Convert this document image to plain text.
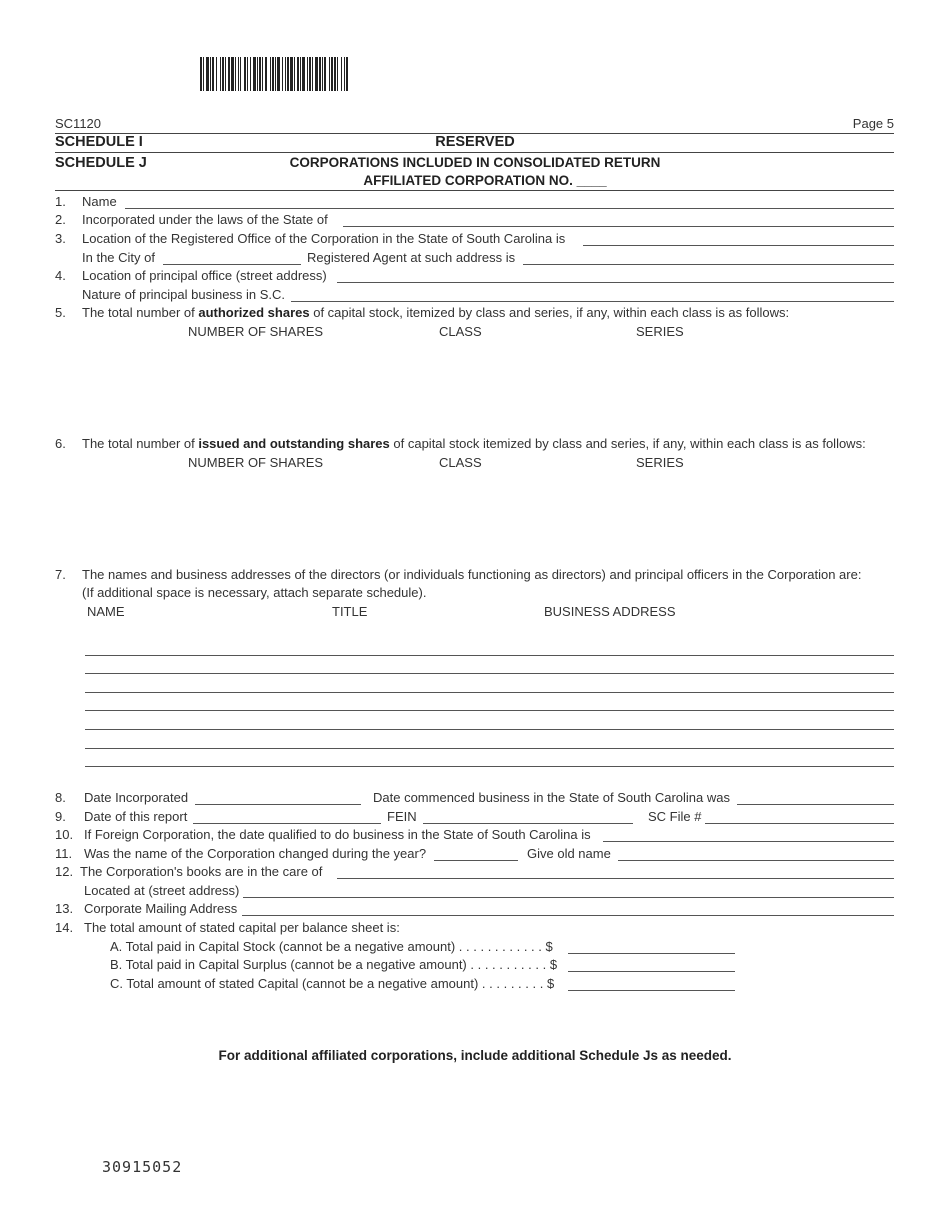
SC1120	Page 5
SCHEDULE I	RESERVED
SCHEDULE J	CORPORATIONS INCLUDED IN CONSOLIDATED RETURN
AFFILIATED CORPORATION NO. ____
1.	Name
2.	Incorporated under the laws of the State of
3.	Location of the Registered Office of the Corporation in the State of South Carolina is
In the City of	Registered Agent at such address is
4.	Location of principal office (street address)
Nature of principal business in S.C.
5.	The total number of authorized shares of capital stock, itemized by class and series, if any, within each class is as follows:
NUMBER OF SHARES	CLASS	SERIES
6.	The total number of issued and outstanding shares of capital stock itemized by class and series, if any, within each class is as follows:
NUMBER OF SHARES	CLASS	SERIES
7.	The names and business addresses of the directors (or individuals functioning as directors) and principal officers in the Corporation are:
(If additional space is necessary, attach separate schedule).
NAME	TITLE	BUSINESS ADDRESS
8.	Date Incorporated	Date commenced business in the State of South Carolina was
9.	Date of this report	FEIN	SC File #
10. If Foreign Corporation, the date qualified to do business in the State of South Carolina is
11. Was the name of the Corporation changed during the year?	Give old name
12. The Corporation's books are in the care of
Located at (street address)
13. Corporate Mailing Address
14. The total amount of stated capital per balance sheet is:
A. Total paid in Capital Stock (cannot be a negative amount) . . . . . . . . . . . . $
B. Total paid in Capital Surplus (cannot be a negative amount) . . . . . . . . . . . $
C. Total amount of stated Capital (cannot be a negative amount) . . . . . . . . . $
For additional affiliated corporations, include additional Schedule Js as needed.
30915052
